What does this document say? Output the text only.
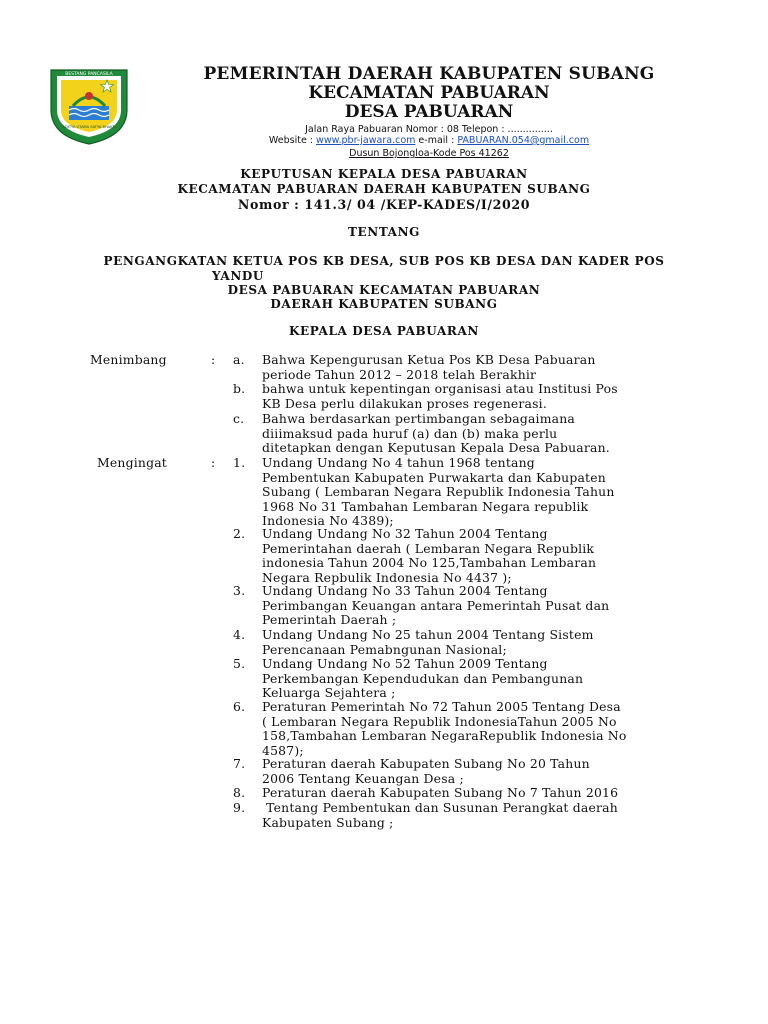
BESTANG PANCASILA
ADITYA UTAMA SATYA BHAKTI
PEMERINTAH DAERAH KABUPATEN SUBANG
KECAMATAN PABUARAN
DESA PABUARAN
Jalan Raya Pabuaran Nomor : 08 Telepon : ...............
Website : www.pbr-jawara.com e-mail : PABUARAN.054@gmail.com
Dusun Bojongloa-Kode Pos 41262
KEPUTUSAN KEPALA DESA PABUARAN
KECAMATAN PABUARAN DAERAH KABUPATEN SUBANG
Nomor : 141.3/ 04 /KEP-KADES/I/2020
TENTANG
PENGANGKATAN KETUA POS KB DESA, SUB POS KB DESA DAN KADER POS
YANDU
DESA PABUARAN KECAMATAN PABUARAN
DAERAH KABUPATEN SUBANG
KEPALA DESA PABUARAN
Menimbang	: a. Bahwa Kepengurusan Ketua Pos KB Desa Pabuaran
periode Tahun 2012 – 2018 telah Berakhir
b. bahwa untuk kepentingan organisasi atau Institusi Pos
KB Desa perlu dilakukan proses regenerasi.
c. Bahwa berdasarkan pertimbangan sebagaimana
diiimaksud pada huruf (a) dan (b) maka perlu
ditetapkan dengan Keputusan Kepala Desa Pabuaran.
Mengingat	: 1. Undang Undang No 4 tahun 1968 tentang
Pembentukan Kabupaten Purwakarta dan Kabupaten
Subang ( Lembaran Negara Republik Indonesia Tahun
1968 No 31 Tambahan Lembaran Negara republik
Indonesia No 4389);
2. Undang Undang No 32 Tahun 2004 Tentang
Pemerintahan daerah ( Lembaran Negara Republik
indonesia Tahun 2004 No 125,Tambahan Lembaran
Negara Repbulik Indonesia No 4437 );
3. Undang Undang No 33 Tahun 2004 Tentang
Perimbangan Keuangan antara Pemerintah Pusat dan
Pemerintah Daerah ;
4. Undang Undang No 25 tahun 2004 Tentang Sistem
Perencanaan Pemabngunan Nasional;
5. Undang Undang No 52 Tahun 2009 Tentang
Perkembangan Kependudukan dan Pembangunan
Keluarga Sejahtera ;
6. Peraturan Pemerintah No 72 Tahun 2005 Tentang Desa
( Lembaran Negara Republik IndonesiaTahun 2005 No
158,Tambahan Lembaran NegaraRepublik Indonesia No
4587);
7. Peraturan daerah Kabupaten Subang No 20 Tahun
2006 Tentang Keuangan Desa ;
8. Peraturan daerah Kabupaten Subang No 7 Tahun 2016
9. Tentang Pembentukan dan Susunan Perangkat daerah
Kabupaten Subang ;
